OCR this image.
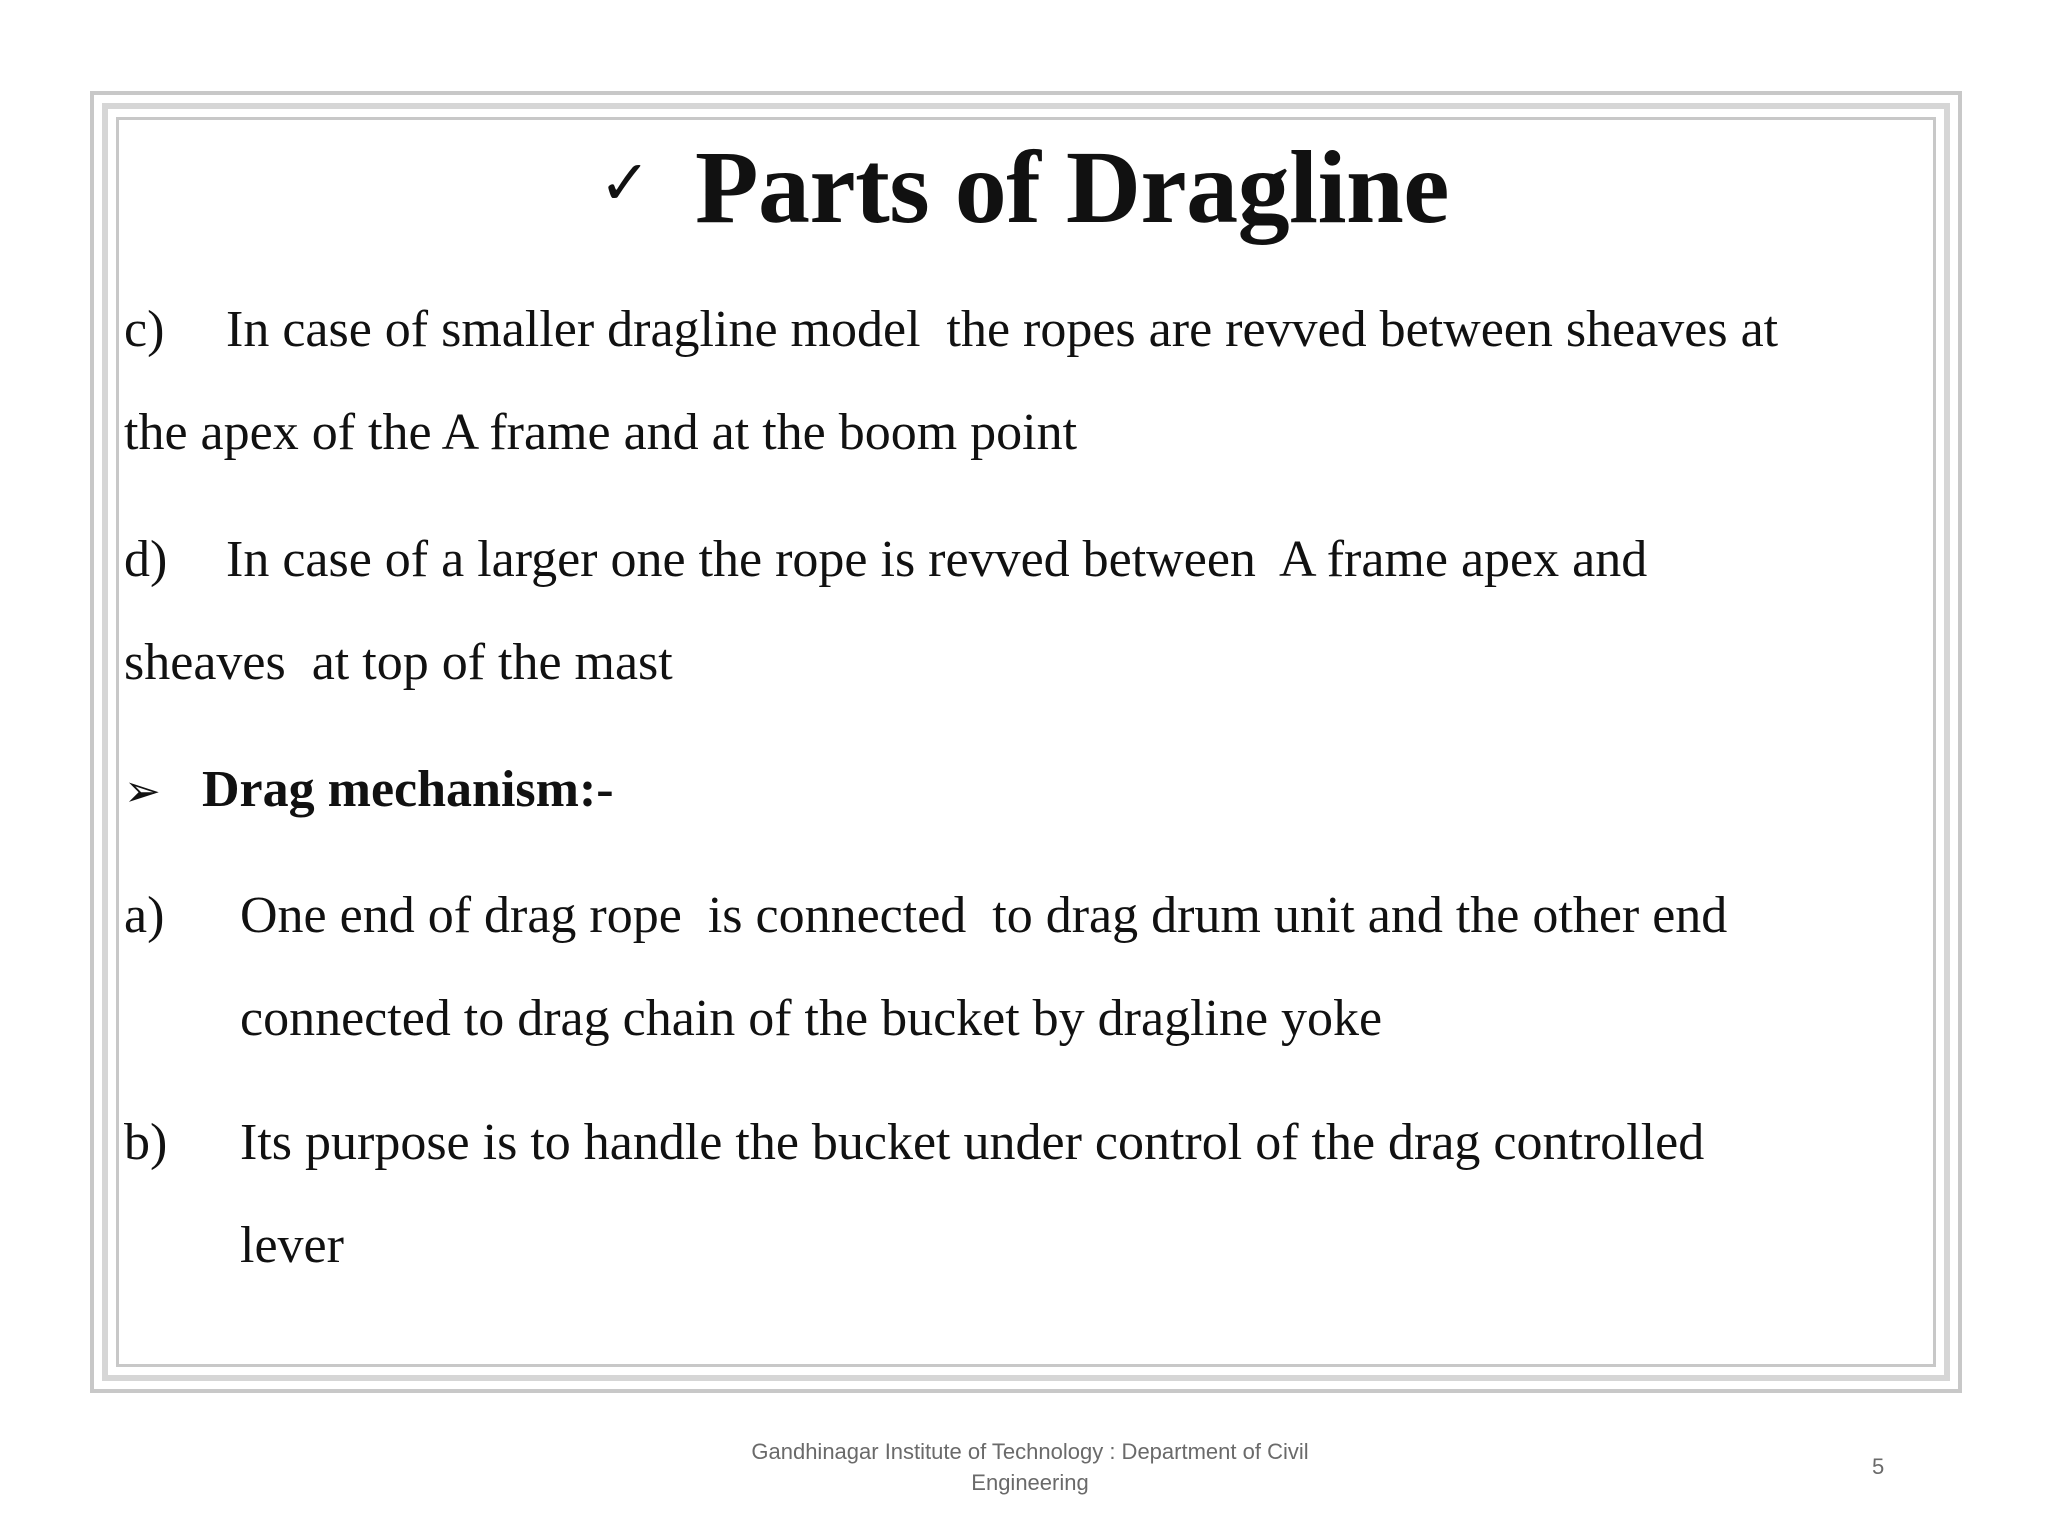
✓ Parts of Dragline
c) In case of smaller dragline model  the ropes are revved between sheaves at
the apex of the A frame and at the boom point
d) In case of a larger one the rope is revved between  A frame apex and
sheaves  at top of the mast
➢ Drag mechanism:-
a)	One end of drag rope  is connected  to drag drum unit and the other end
connected to drag chain of the bucket by dragline yoke
b)	Its purpose is to handle the bucket under control of the drag controlled
lever
Gandhinagar Institute of Technology : Department of Civil
Engineering
5
